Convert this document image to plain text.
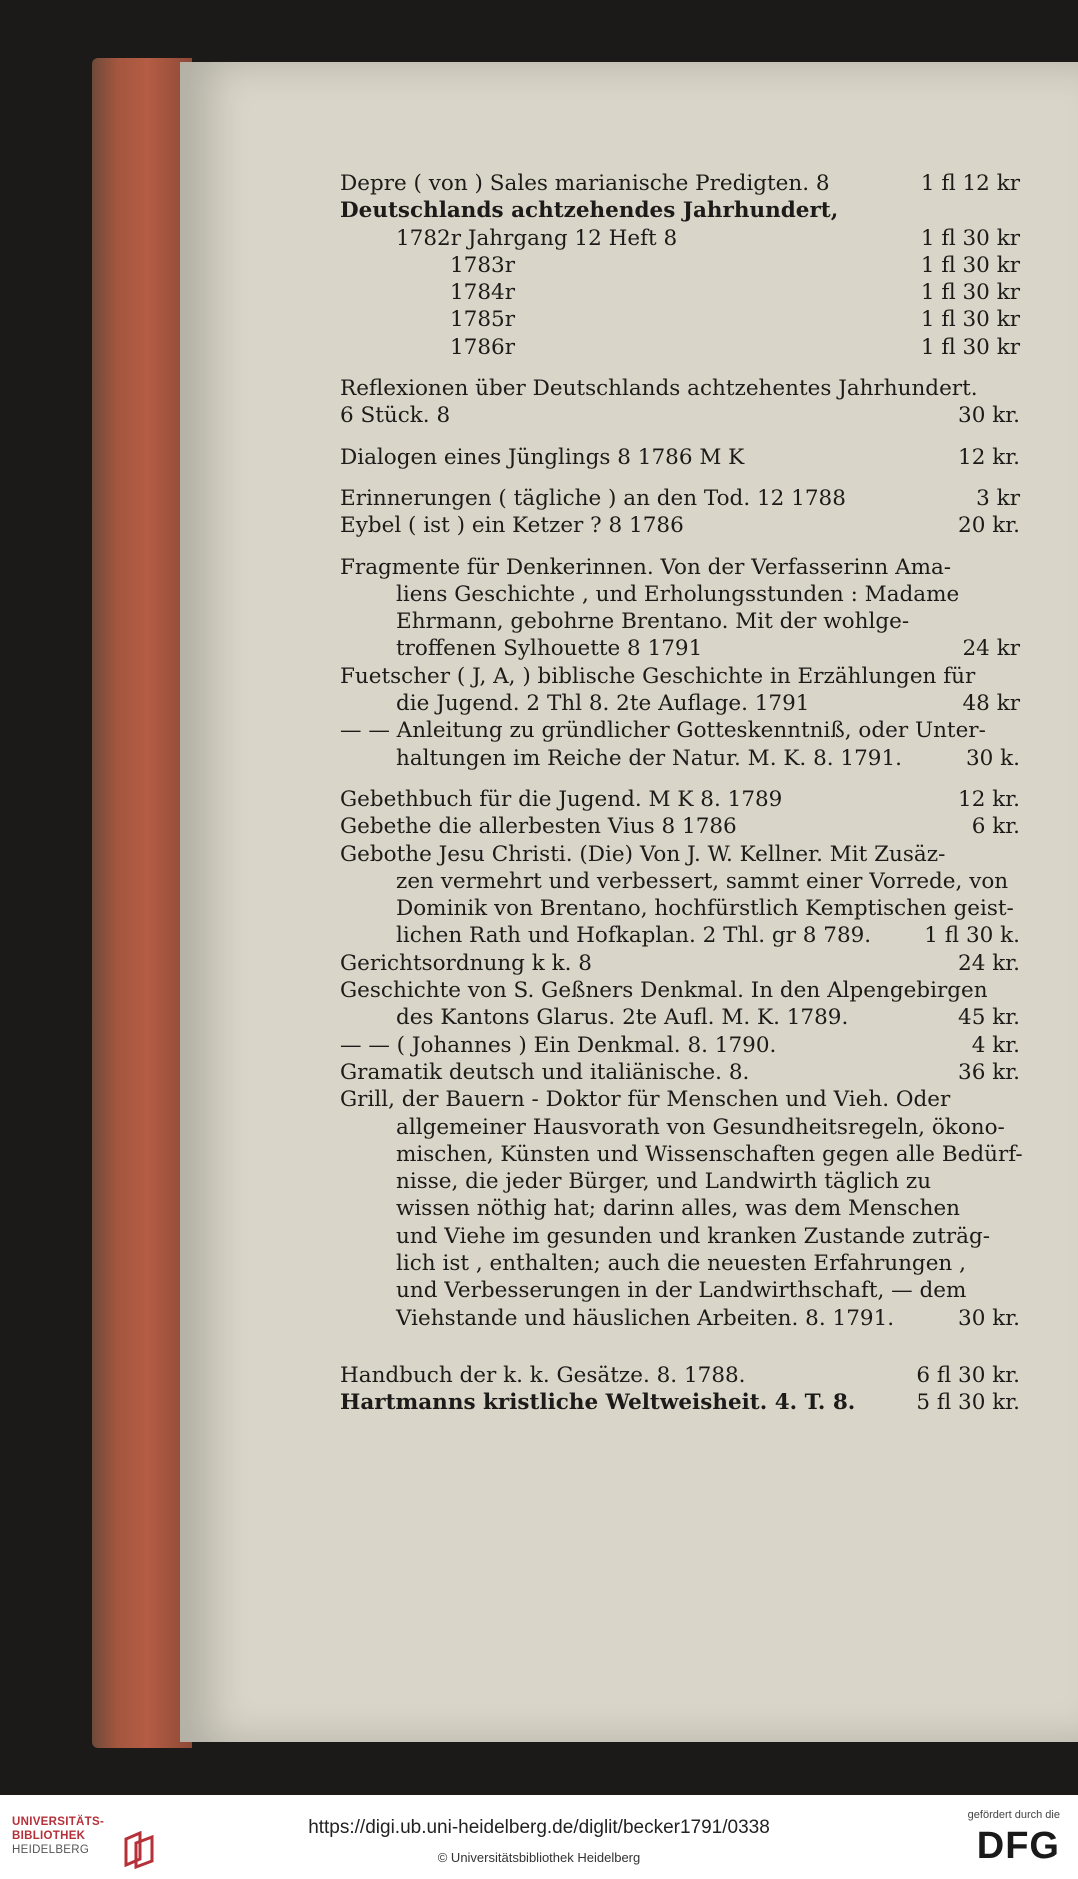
Depre ( von ) Sales marianische Predigten. 8	1 fl 12 kr
Deutschlands achtzehendes Jahrhundert,
1782r Jahrgang 12 Heft 8	1 fl 30 kr
1783r	1 fl 30 kr
1784r	1 fl 30 kr
1785r	1 fl 30 kr
1786r	1 fl 30 kr
Reflexionen über Deutschlands achtzehentes Jahrhundert.
6 Stück. 8	30 kr.
Dialogen eines Jünglings 8 1786 M K	12 kr.
Erinnerungen ( tägliche ) an den Tod. 12 1788	3 kr
Eybel ( ist ) ein Ketzer ? 8 1786	20 kr.
Fragmente für Denkerinnen. Von der Verfasserinn Ama-
liens Geschichte , und Erholungsstunden : Madame
Ehrmann, gebohrne Brentano. Mit der wohlge-
troffenen Sylhouette 8 1791	24 kr
Fuetscher ( J, A, ) biblische Geschichte in Erzählungen für
die Jugend. 2 Thl 8. 2te Auflage. 1791	48 kr
— — Anleitung zu gründlicher Gotteskenntniß, oder Unter-
haltungen im Reiche der Natur. M. K. 8. 1791.	30 k.
Gebethbuch für die Jugend. M K 8. 1789	12 kr.
Gebethe die allerbesten Vius 8 1786	6 kr.
Gebothe Jesu Christi. (Die) Von J. W. Kellner. Mit Zusäz-
zen vermehrt und verbessert, sammt einer Vorrede, von
Dominik von Brentano, hochfürstlich Kemptischen geist-
lichen Rath und Hofkaplan. 2 Thl. gr 8 789.	1 fl 30 k.
Gerichtsordnung k k. 8	24 kr.
Geschichte von S. Geßners Denkmal. In den Alpengebirgen
des Kantons Glarus. 2te Aufl. M. K. 1789.	45 kr.
— — ( Johannes ) Ein Denkmal. 8. 1790.	4 kr.
Gramatik deutsch und italiänische. 8.	36 kr.
Grill, der Bauern - Doktor für Menschen und Vieh. Oder
allgemeiner Hausvorath von Gesundheitsregeln, ökono-
mischen, Künsten und Wissenschaften gegen alle Bedürf-
nisse, die jeder Bürger, und Landwirth täglich zu
wissen nöthig hat; darinn alles, was dem Menschen
und Viehe im gesunden und kranken Zustande zuträg-
lich ist , enthalten; auch die neuesten Erfahrungen ,
und Verbesserungen in der Landwirthschaft, — dem
Viehstande und häuslichen Arbeiten. 8. 1791.	30 kr.
Handbuch der k. k. Gesätze. 8. 1788.	6 fl 30 kr.
Hartmanns kristliche Weltweisheit. 4. T. 8.	5 fl 30 kr.
UNIVERSITÄTS-
BIBLIOTHEK
HEIDELBERG
https://digi.ub.uni-heidelberg.de/diglit/becker1791/0338
© Universitätsbibliothek Heidelberg
gefördert durch die
DFG
